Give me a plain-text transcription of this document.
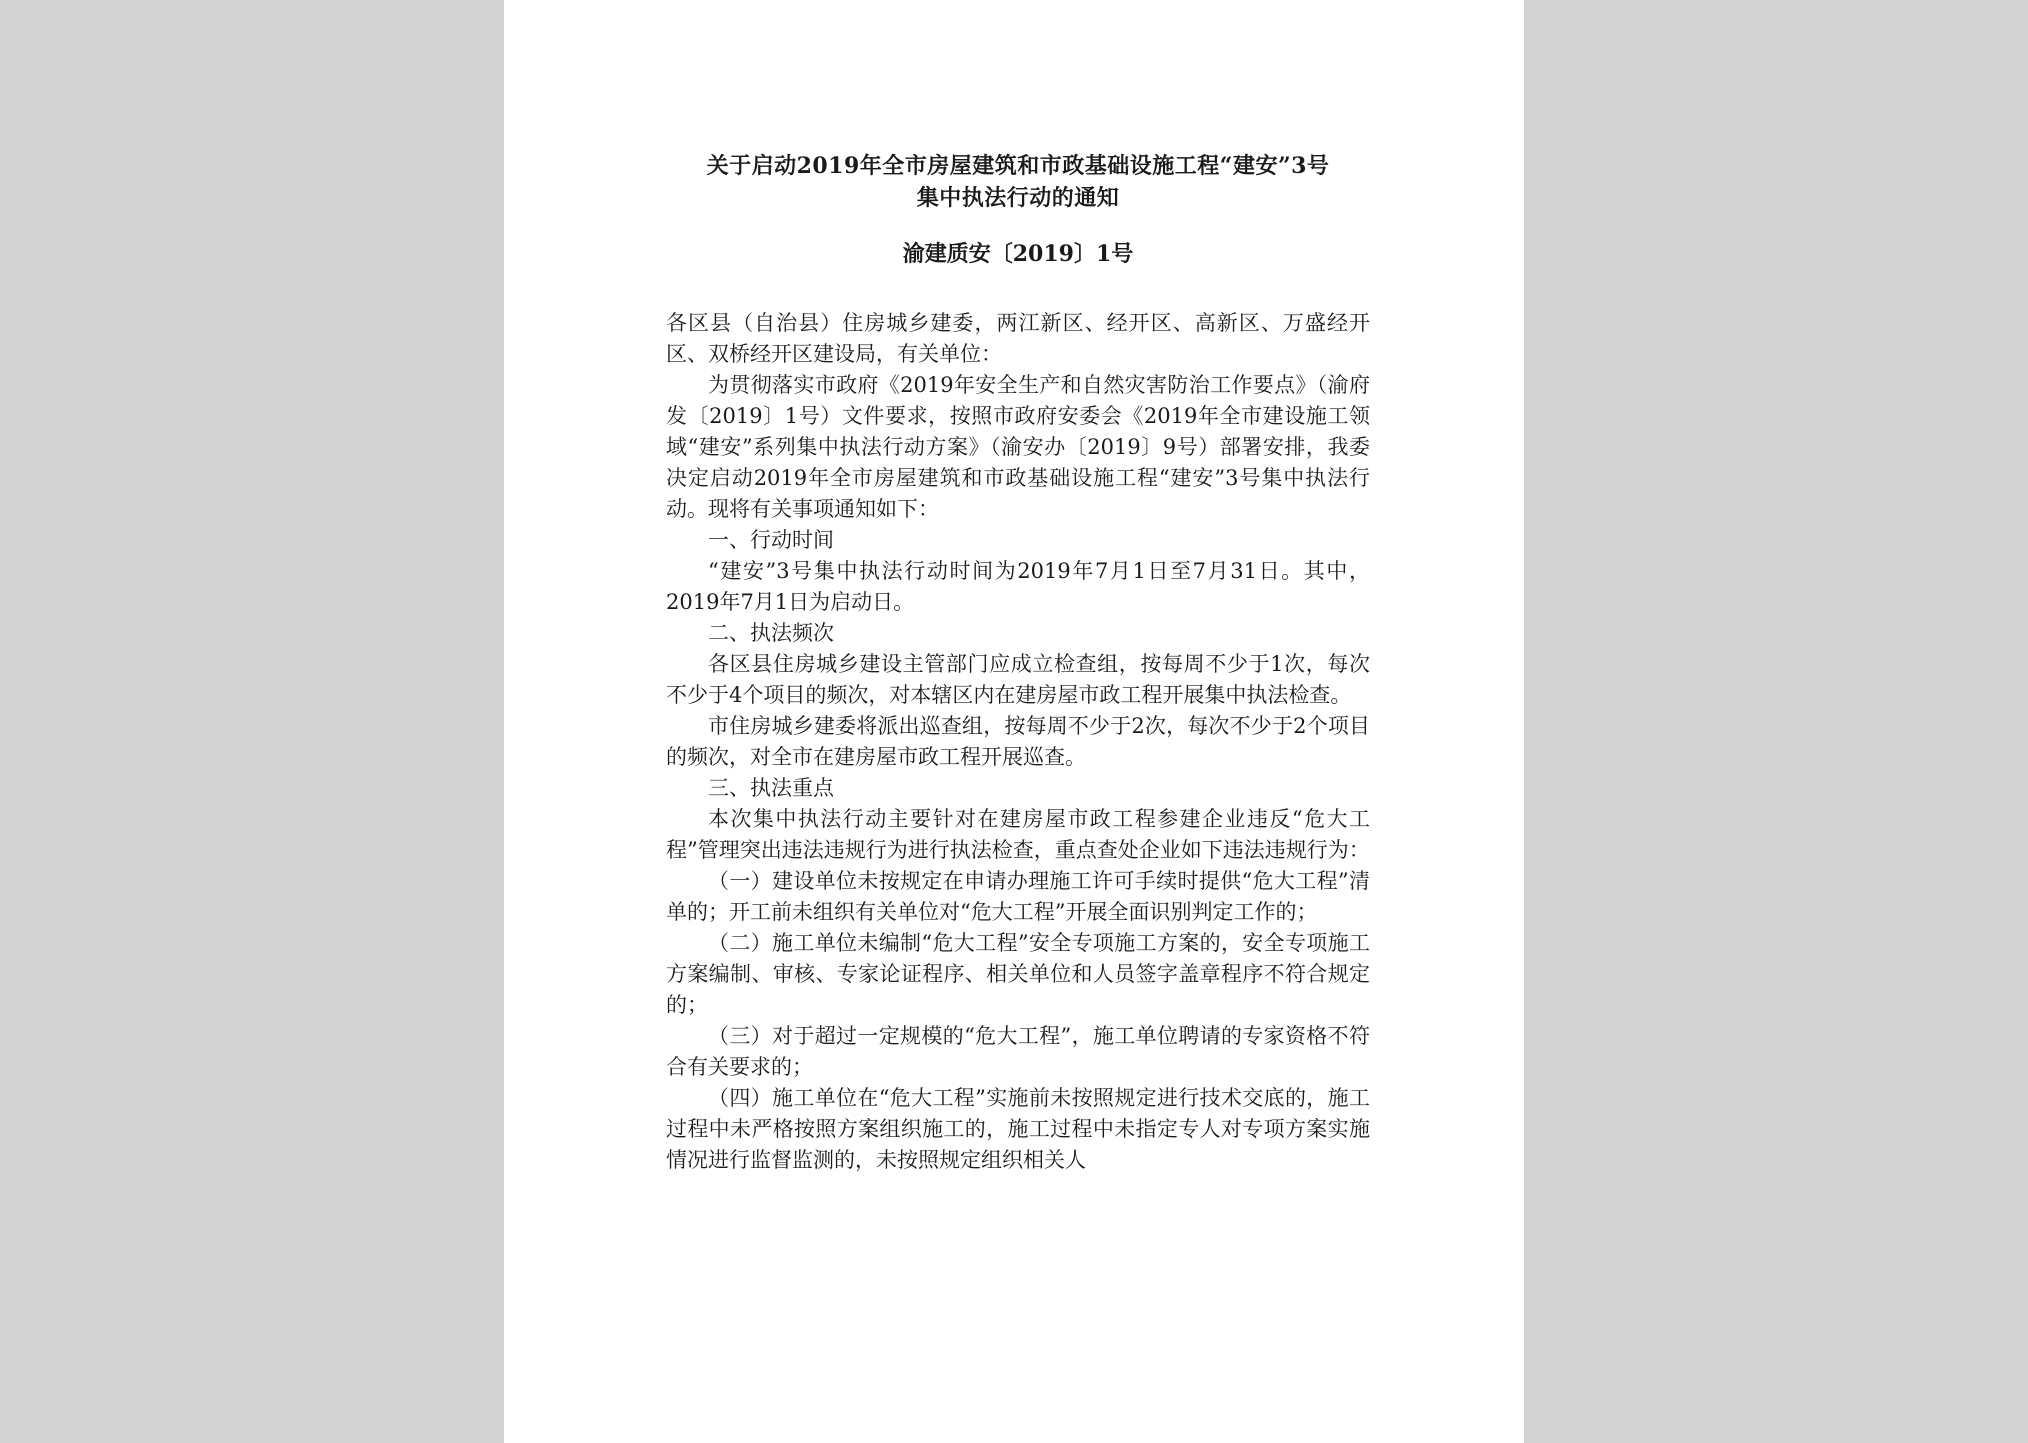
关于启动2019年全市房屋建筑和市政基础设施工程“建安”3号

集中执法行动的通知

渝建质安〔2019〕1号

各区县（自治县）住房城乡建委，两江新区、经开区、高新区、万盛经开区、双桥经开区建设局，有关单位：

为贯彻落实市政府《2019年安全生产和自然灾害防治工作要点》（渝府发〔2019〕1号）文件要求，按照市政府安委会《2019年全市建设施工领域“建安”系列集中执法行动方案》（渝安办〔2019〕9号）部署安排，我委决定启动2019年全市房屋建筑和市政基础设施工程“建安”3号集中执法行动。现将有关事项通知如下：

一、行动时间

“建安”3号集中执法行动时间为2019年7月1日至7月31日。其中，2019年7月1日为启动日。

二、执法频次

各区县住房城乡建设主管部门应成立检查组，按每周不少于1次，每次不少于4个项目的频次，对本辖区内在建房屋市政工程开展集中执法检查。

市住房城乡建委将派出巡查组，按每周不少于2次，每次不少于2个项目的频次，对全市在建房屋市政工程开展巡查。

三、执法重点

本次集中执法行动主要针对在建房屋市政工程参建企业违反“危大工程”管理突出违法违规行为进行执法检查，重点查处企业如下违法违规行为：

（一）建设单位未按规定在申请办理施工许可手续时提供“危大工程”清单的；开工前未组织有关单位对“危大工程”开展全面识别判定工作的；

（二）施工单位未编制“危大工程”安全专项施工方案的，安全专项施工方案编制、审核、专家论证程序、相关单位和人员签字盖章程序不符合规定的；

（三）对于超过一定规模的“危大工程”，施工单位聘请的专家资格不符合有关要求的；

（四）施工单位在“危大工程”实施前未按照规定进行技术交底的，施工过程中未严格按照方案组织施工的，施工过程中未指定专人对专项方案实施情况进行监督监测的，未按照规定组织相关人
